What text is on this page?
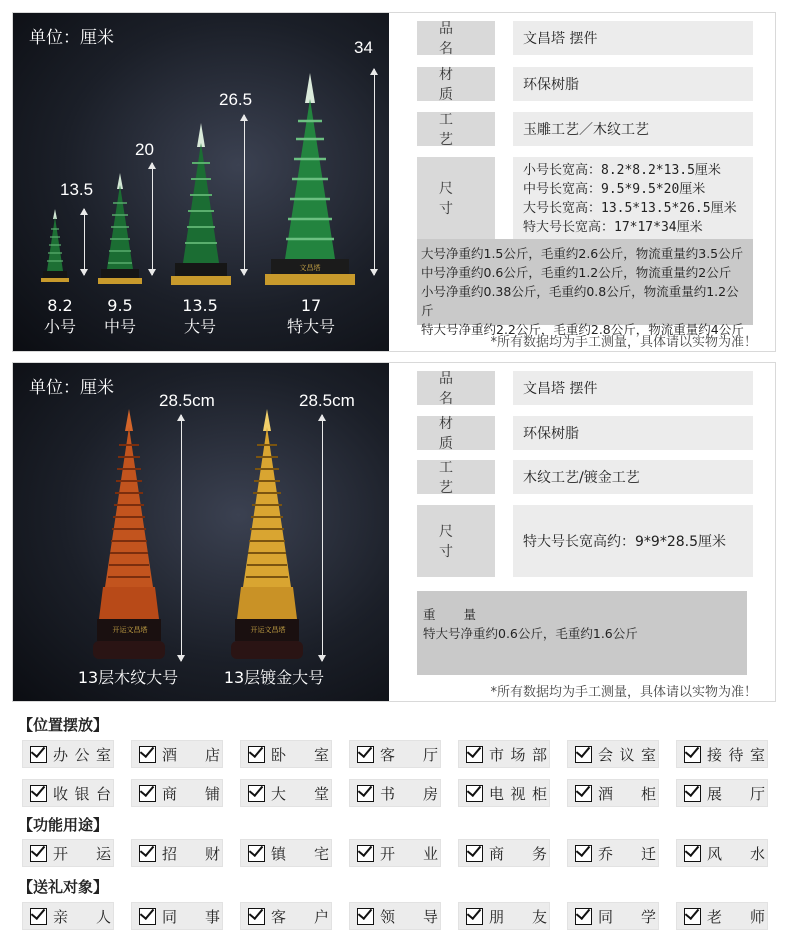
单位：厘米
13.5
20
26.5
34
文昌塔
8.2
小号
9.5
中号
13.5
大号
17
特大号
品名
文昌塔 摆件
材质
环保树脂
工艺
玉雕工艺／木纹工艺
尺寸
小号长宽高：8.2*8.2*13.5厘米
中号长宽高：9.5*9.5*20厘米
大号长宽高：13.5*13.5*26.5厘米
特大号长宽高：17*17*34厘米
大号净重约1.5公斤，毛重约2.6公斤，物流重量约3.5公斤
中号净重约0.6公斤，毛重约1.2公斤，物流重量约2公斤
小号净重约0.38公斤，毛重约0.8公斤，物流重量约1.2公斤
特大号净重约2.2公斤，毛重约2.8公斤，物流重量约4公斤
*所有数据均为手工测量，具体请以实物为准！
单位：厘米
28.5cm	28.5cm
开运文昌塔	开运文昌塔
13层木纹大号	13层镀金大号
品名
文昌塔 摆件
材质
环保树脂
工艺
木纹工艺/镀金工艺
尺寸
特大号长宽高约：9*9*28.5厘米
重量
特大号净重约0.6公斤，毛重约1.6公斤
*所有数据均为手工测量，具体请以实物为准！
【位置摆放】
办公室	酒店	卧室	客厅	市场部	会议室	接待室
收银台	商铺	大堂	书房	电视柜	酒柜	展厅
【功能用途】
开运	招财	镇宅	开业	商务	乔迁	风水
【送礼对象】
亲人	同事	客户	领导	朋友	同学	老师
